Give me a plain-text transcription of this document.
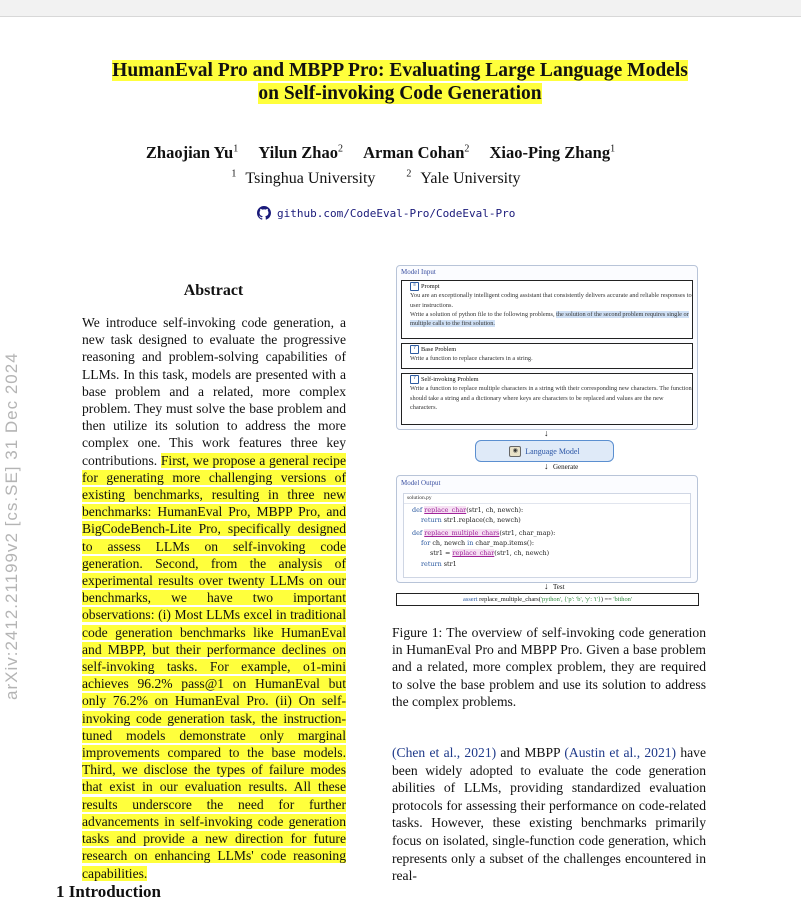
arXiv:2412.21199v2 [cs.SE] 31 Dec 2024
HumanEval Pro and MBPP Pro: Evaluating Large Language Models
on Self-invoking Code Generation
Zhaojian Yu$^1$ Yilun Zhao$^2$ Arman Cohan$^2$ Xiao-Ping Zhang$^1$
$^1$ Tsinghua University	$^2$ Yale University
github.com/CodeEval-Pro/CodeEval-Pro
Abstract
We introduce self-invoking code generation, a new task designed to evaluate the progressive reasoning and problem-solving capabilities of LLMs. In this task, models are presented with a base problem and a related, more complex problem. They must solve the base problem and then utilize its solution to address the more complex one. This work features three key contributions. First, we propose a general recipe for generating more challenging versions of existing benchmarks, resulting in three new benchmarks: HumanEval Pro, MBPP Pro, and BigCodeBench-Lite Pro, specifically designed to assess LLMs on self-invoking code generation. Second, from the analysis of experimental results over twenty LLMs on our benchmarks, we have two important observations: (i) Most LLMs excel in traditional code generation benchmarks like HumanEval and MBPP, but their performance declines on self-invoking tasks. For example, o1-mini achieves 96.2% pass@1 on HumanEval but only 76.2% on HumanEval Pro. (ii) On self-invoking code generation task, the instruction-tuned models demonstrate only marginal improvements compared to the base models. Third, we disclose the types of failure modes that exist in our evaluation results. All these results underscore the need for further advancements in self-invoking code generation tasks and provide a new direction for future research on enhancing LLMs' code reasoning capabilities.
1 Introduction
Model Input
≡ Prompt
You are an exceptionally intelligent coding assistant that consistently delivers accurate and reliable responses to user instructions.
Write a solution of python file to the following problems, the solution of the second problem requires single or multiple calls to the first solution.
? Base Problem
Write a function to replace characters in a string.
? Self-invoking Problem
Write a function to replace multiple characters in a string with their corresponding new characters. The function should take a string and a dictionary where keys are characters to be replaced and values are the new characters.
↓
◉ Language Model
↓ Generate
Model Output
solution.py
def replace_char(str1, ch, newch):
return str1.replace(ch, newch)
def replace_multiple_chars(str1, char_map):
for ch, newch in char_map.items():
str1 = replace_char(str1, ch, newch)
return str1
↓ Test
assert replace_multiple_chars('python', {'p': 'b', 'y': 'i'}) == 'bithon'
Figure 1: The overview of self-invoking code generation in HumanEval Pro and MBPP Pro. Given a base problem and a related, more complex problem, they are required to solve the base problem and use its solution to address the complex problems.
(Chen et al., 2021) and MBPP (Austin et al., 2021) have been widely adopted to evaluate the code generation abilities of LLMs, providing standardized evaluation protocols for assessing their performance on code-related tasks. However, these existing benchmarks primarily focus on isolated, single-function code generation, which represents only a subset of the challenges encountered in real-
